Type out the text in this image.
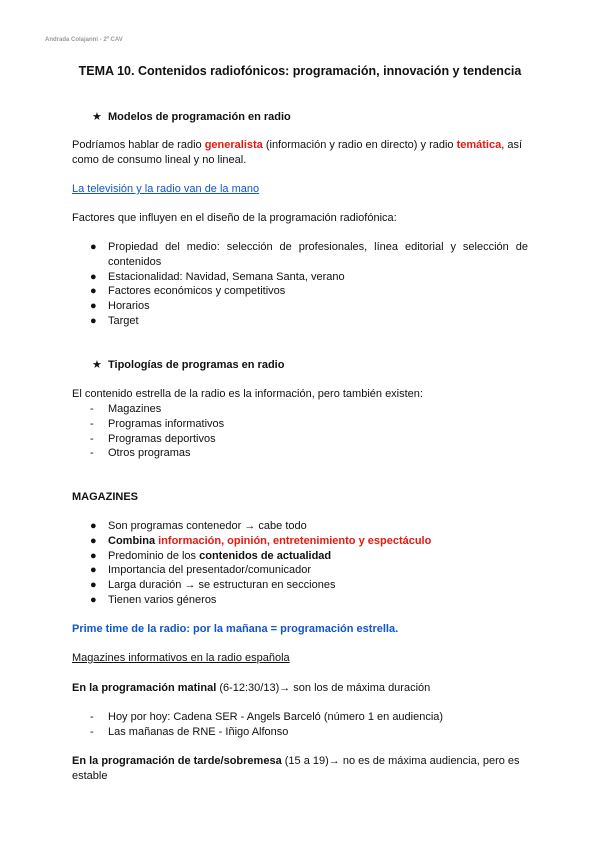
Andrada Colajanni - 2º CAV
TEMA 10. Contenidos radiofónicos: programación, innovación y tendencia
★ Modelos de programación en radio
Podríamos hablar de radio generalista (información y radio en directo) y radio temática, así
como de consumo lineal y no lineal.
La televisión y la radio van de la mano
Factores que influyen en el diseño de la programación radiofónica:
● Propiedad del medio: selección de profesionales, línea editorial y selección de
contenidos
● Estacionalidad: Navidad, Semana Santa, verano
● Factores económicos y competitivos
● Horarios
● Target
★ Tipologías de programas en radio
El contenido estrella de la radio es la información, pero también existen:
- Magazines
- Programas informativos
- Programas deportivos
- Otros programas
MAGAZINES
● Son programas contenedor → cabe todo
● Combina información, opinión, entretenimiento y espectáculo
● Predominio de los contenidos de actualidad
● Importancia del presentador/comunicador
● Larga duración → se estructuran en secciones
● Tienen varios géneros
Prime time de la radio: por la mañana = programación estrella.
Magazines informativos en la radio española
En la programación matinal (6-12:30/13)→ son los de máxima duración
- Hoy por hoy: Cadena SER - Angels Barceló (número 1 en audiencia)
- Las mañanas de RNE - Iñigo Alfonso
En la programación de tarde/sobremesa (15 a 19)→ no es de máxima audiencia, pero es
estable
